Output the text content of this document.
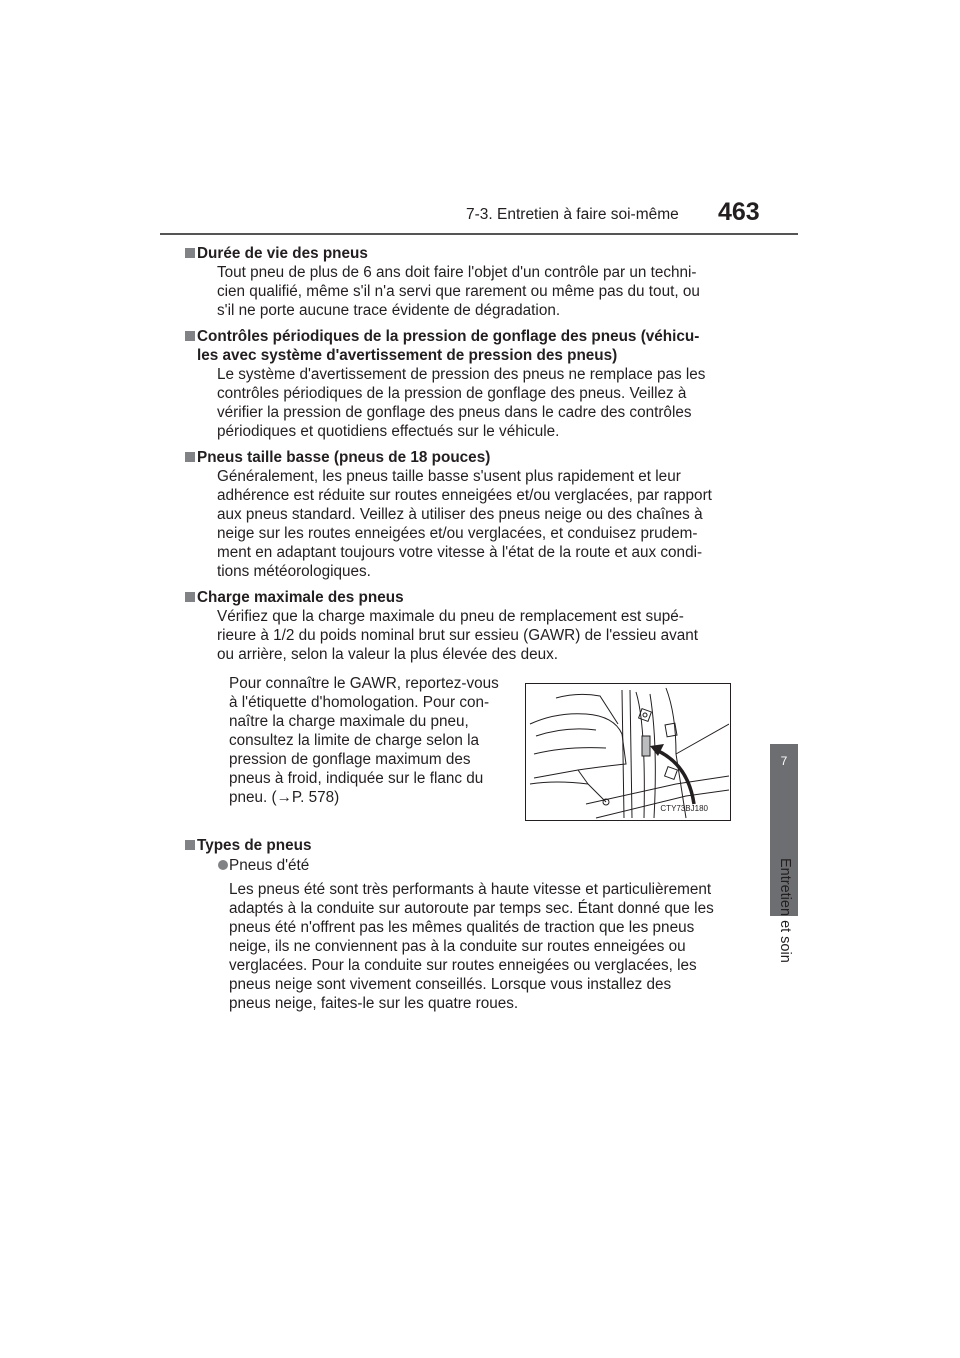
7-3. Entretien à faire soi-même 463
7
Entretien et soin
Durée de vie des pneus
Tout pneu de plus de 6 ans doit faire l'objet d'un contrôle par un techni-
cien qualifié, même s'il n'a servi que rarement ou même pas du tout, ou
s'il ne porte aucune trace évidente de dégradation.
Contrôles périodiques de la pression de gonflage des pneus (véhicu-
les avec système d'avertissement de pression des pneus)
Le système d'avertissement de pression des pneus ne remplace pas les
contrôles périodiques de la pression de gonflage des pneus. Veillez à
vérifier la pression de gonflage des pneus dans le cadre des contrôles
périodiques et quotidiens effectués sur le véhicule.
Pneus taille basse (pneus de 18 pouces)
Généralement, les pneus taille basse s'usent plus rapidement et leur
adhérence est réduite sur routes enneigées et/ou verglacées, par rapport
aux pneus standard. Veillez à utiliser des pneus neige ou des chaînes à
neige sur les routes enneigées et/ou verglacées, et conduisez prudem-
ment en adaptant toujours votre vitesse à l'état de la route et aux condi-
tions météorologiques.
Charge maximale des pneus
Vérifiez que la charge maximale du pneu de remplacement est supé-
rieure à 1/2 du poids nominal brut sur essieu (GAWR) de l'essieu avant
ou arrière, selon la valeur la plus élevée des deux.
Pour connaître le GAWR, reportez-vous
à l'étiquette d'homologation. Pour con-
naître la charge maximale du pneu,
consultez la limite de charge selon la
pression de gonflage maximum des
pneus à froid, indiquée sur le flanc du
pneu. (→P. 578)
CTY73BJ180
Types de pneus
Pneus d'été
Les pneus été sont très performants à haute vitesse et particulièrement
adaptés à la conduite sur autoroute par temps sec. Étant donné que les
pneus été n'offrent pas les mêmes qualités de traction que les pneus
neige, ils ne conviennent pas à la conduite sur routes enneigées ou
verglacées. Pour la conduite sur routes enneigées ou verglacées, les
pneus neige sont vivement conseillés. Lorsque vous installez des
pneus neige, faites-le sur les quatre roues.
